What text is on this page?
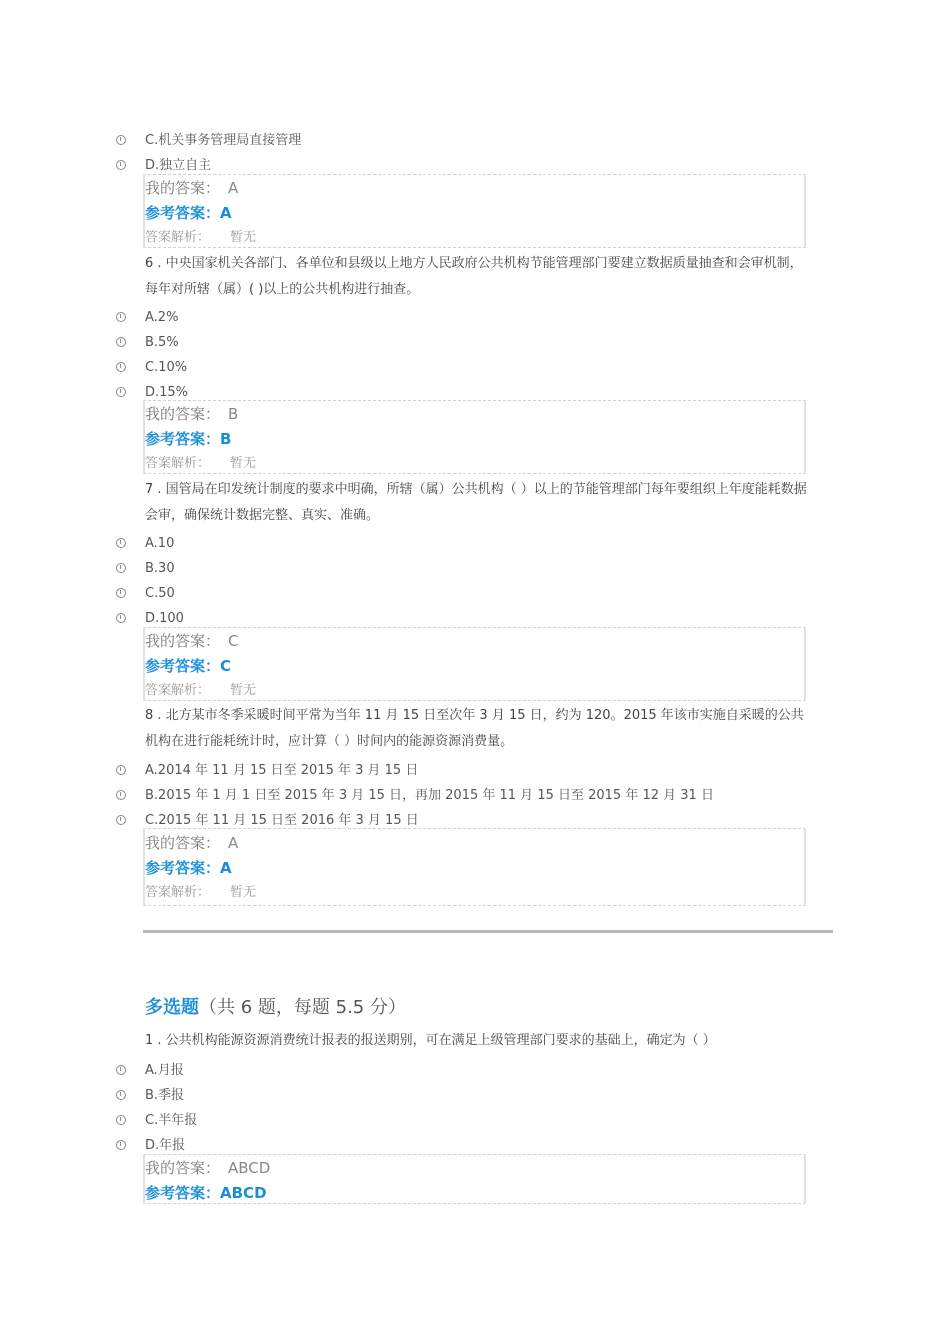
C.机关事务管理局直接管理
D.独立自主
我的答案： A
参考答案：A
答案解析： 暂无
6 . 中央国家机关各部门、各单位和县级以上地方人民政府公共机构节能管理部门要建立数据质量抽查和会审机制，每年对所辖（属）( )以上的公共机构进行抽查。
A.2%
B.5%
C.10%
D.15%
我的答案： B
参考答案：B
答案解析： 暂无
7 . 国管局在印发统计制度的要求中明确，所辖（属）公共机构（ ）以上的节能管理部门每年要组织上年度能耗数据会审，确保统计数据完整、真实、准确。
A.10
B.30
C.50
D.100
我的答案： C
参考答案：C
答案解析： 暂无
8 . 北方某市冬季采暖时间平常为当年 11 月 15 日至次年 3 月 15 日，约为 120。2015 年该市实施自采暖的公共机构在进行能耗统计时，应计算（ ）时间内的能源资源消费量。
A.2014 年 11 月 15 日至 2015 年 3 月 15 日
B.2015 年 1 月 1 日至 2015 年 3 月 15 日，再加 2015 年 11 月 15 日至 2015 年 12 月 31 日
C.2015 年 11 月 15 日至 2016 年 3 月 15 日
我的答案： A
参考答案：A
答案解析： 暂无
多选题（共 6 题，每题 5.5 分）
1 . 公共机构能源资源消费统计报表的报送期别，可在满足上级管理部门要求的基础上，确定为（ ）
A.月报
B.季报
C.半年报
D.年报
我的答案： ABCD
参考答案：ABCD
